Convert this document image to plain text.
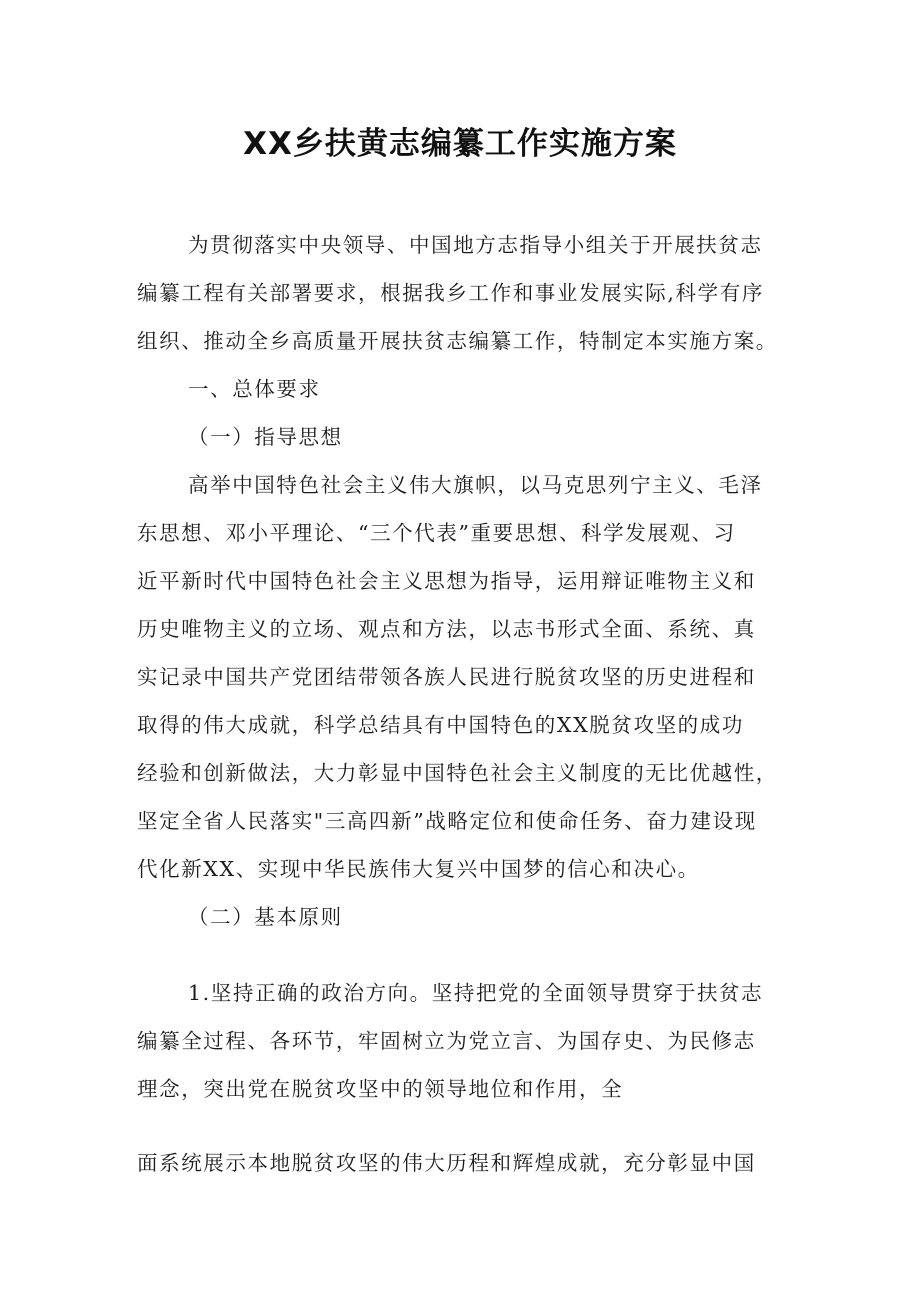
XX乡扶黄志编纂工作实施方案
为贯彻落实中央领导、中国地方志指导小组关于开展扶贫志
编纂工程有关部署要求，根据我乡工作和事业发展实际,科学有序
组织、推动全乡高质量开展扶贫志编纂工作，特制定本实施方案。
一、总体要求
（一）指导思想
高举中国特色社会主义伟大旗帜，以马克思列宁主义、毛泽
东思想、邓小平理论、“三个代表”重要思想、科学发展观、习
近平新时代中国特色社会主义思想为指导，运用辩证唯物主义和
历史唯物主义的立场、观点和方法，以志书形式全面、系统、真
实记录中国共产党团结带领各族人民进行脱贫攻坚的历史进程和
取得的伟大成就，科学总结具有中国特色的XX脱贫攻坚的成功
经验和创新做法，大力彰显中国特色社会主义制度的无比优越性，
坚定全省人民落实"三高四新”战略定位和使命任务、奋力建设现
代化新XX、实现中华民族伟大复兴中国梦的信心和决心。
（二）基本原则
1.坚持正确的政治方向。坚持把党的全面领导贯穿于扶贫志
编纂全过程、各环节，牢固树立为党立言、为国存史、为民修志
理念，突出党在脱贫攻坚中的领导地位和作用，全
面系统展示本地脱贫攻坚的伟大历程和辉煌成就，充分彰显中国
